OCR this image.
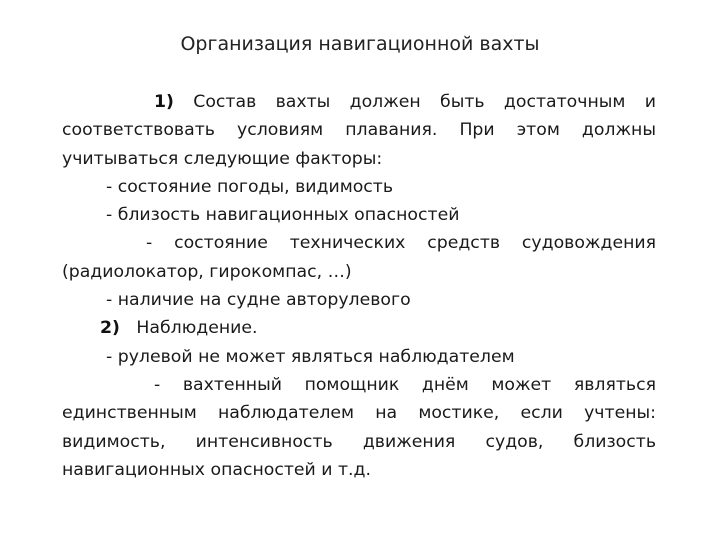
Организация навигационной вахты
1) Состав вахты должен быть достаточным и
соответствовать условиям плавания. При этом должны
учитываться следующие факторы:
- состояние погоды, видимость
- близость навигационных опасностей
- состояние технических средств судовождения
(радиолокатор, гирокомпас, …)
- наличие на судне авторулевого
2) Наблюдение.
- рулевой не может являться наблюдателем
- вахтенный помощник днём может являться
единственным наблюдателем на мостике, если учтены:
видимость, интенсивность движения судов, близость
навигационных опасностей и т.д.
